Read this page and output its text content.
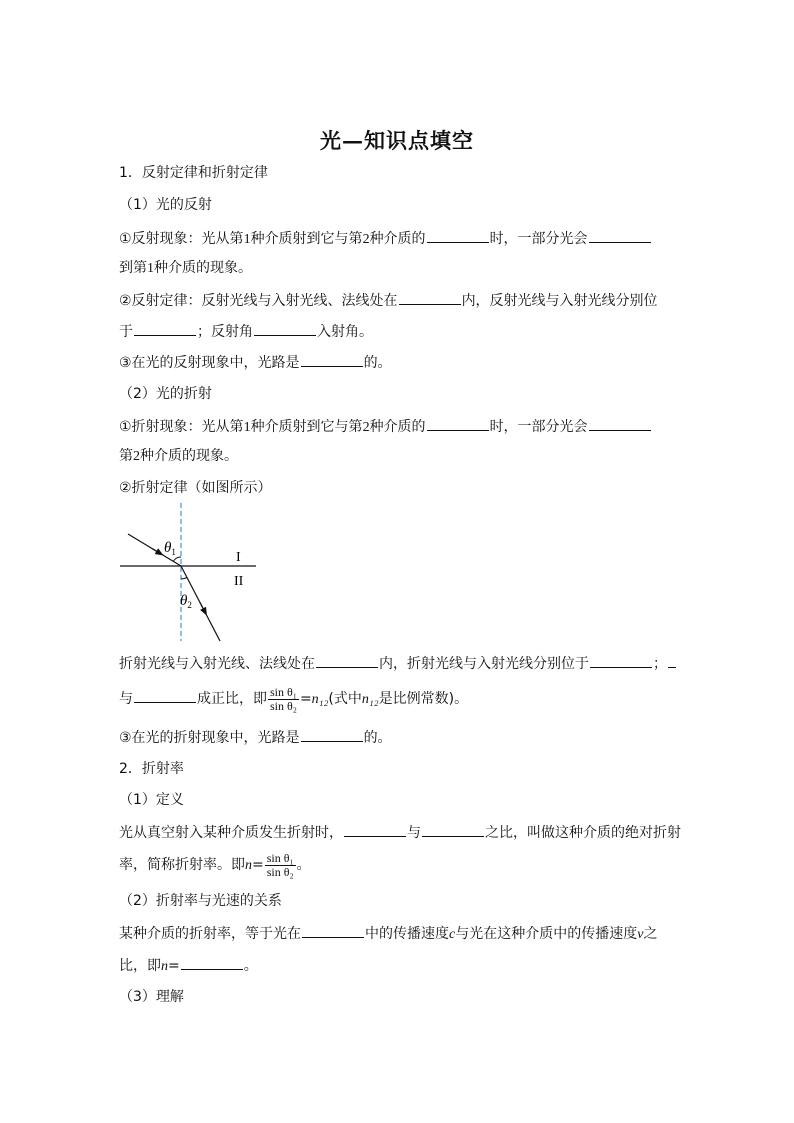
光—知识点填空
1．反射定律和折射定律
（1）光的反射
①反射现象：光从第1种介质射到它与第2种介质的	时，一部分光会
到第1种介质的现象。
②反射定律：反射光线与入射光线、法线处在	内，反射光线与入射光线分别位
于	；反射角	入射角。
③在光的反射现象中，光路是	的。
（2）光的折射
①折射现象：光从第1种介质射到它与第2种介质的	时，一部分光会
第2种介质的现象。
②折射定律（如图所示）
$\theta_1$
$\theta_2$
I
II
折射光线与入射光线、法线处在	内，折射光线与入射光线分别位于	；
与	成正比，即 $\frac{\text{sin θ₁}}{\text{sin θ₂}} =n_{12}$(式中n₁₂是比例常数)。
③在光的折射现象中，光路是	的。
2．折射率
（1）定义
光从真空射入某种介质发生折射时，	与	之比，叫做这种介质的绝对折射
率，简称折射率。即$n= \frac{\text{sin θ₁}}{\text{sin θ₂}}$ 。
（2）折射率与光速的关系
某种介质的折射率，等于光在	中的传播速度c与光在这种介质中的传播速度v之
比，即n=	。
（3）理解
